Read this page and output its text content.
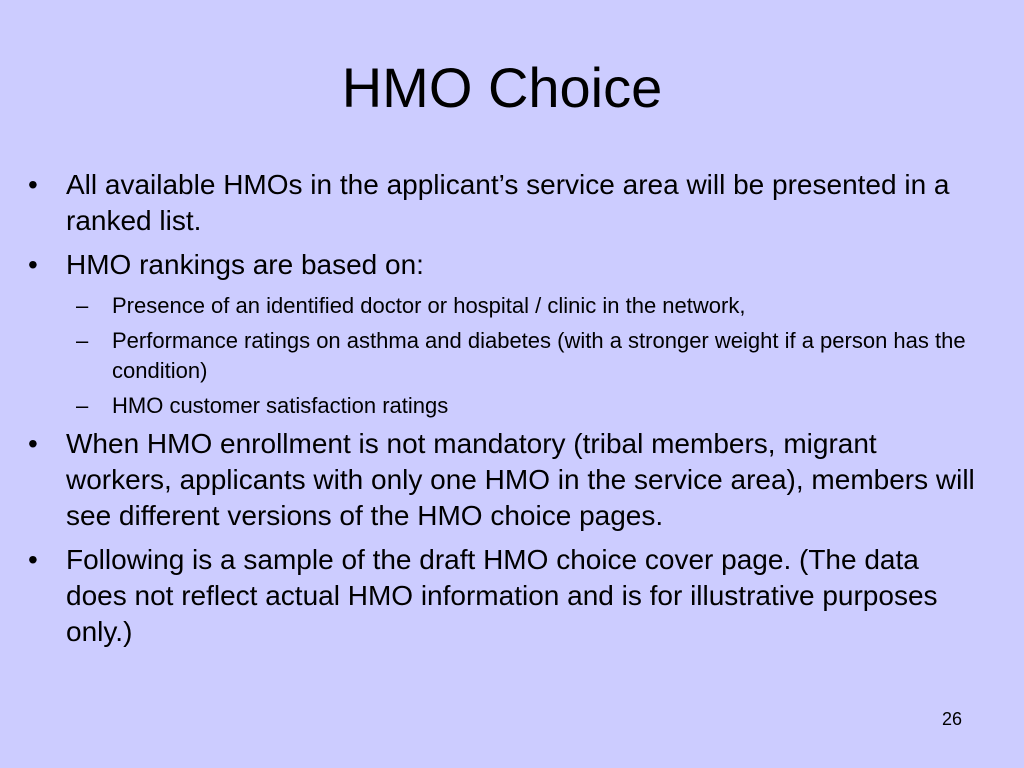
HMO Choice
• All available HMOs in the applicant’s service area will be presented in a ranked list.
• HMO rankings are based on:
– Presence of an identified doctor or hospital / clinic in the network,
– Performance ratings on asthma and diabetes (with a stronger weight if a person has the condition)
– HMO customer satisfaction ratings
• When HMO enrollment is not mandatory (tribal members, migrant workers, applicants with only one HMO in the service area), members will see different versions of the HMO choice pages.
• Following is a sample of the draft HMO choice cover page. (The data does not reflect actual HMO information and is for illustrative purposes only.)
26
